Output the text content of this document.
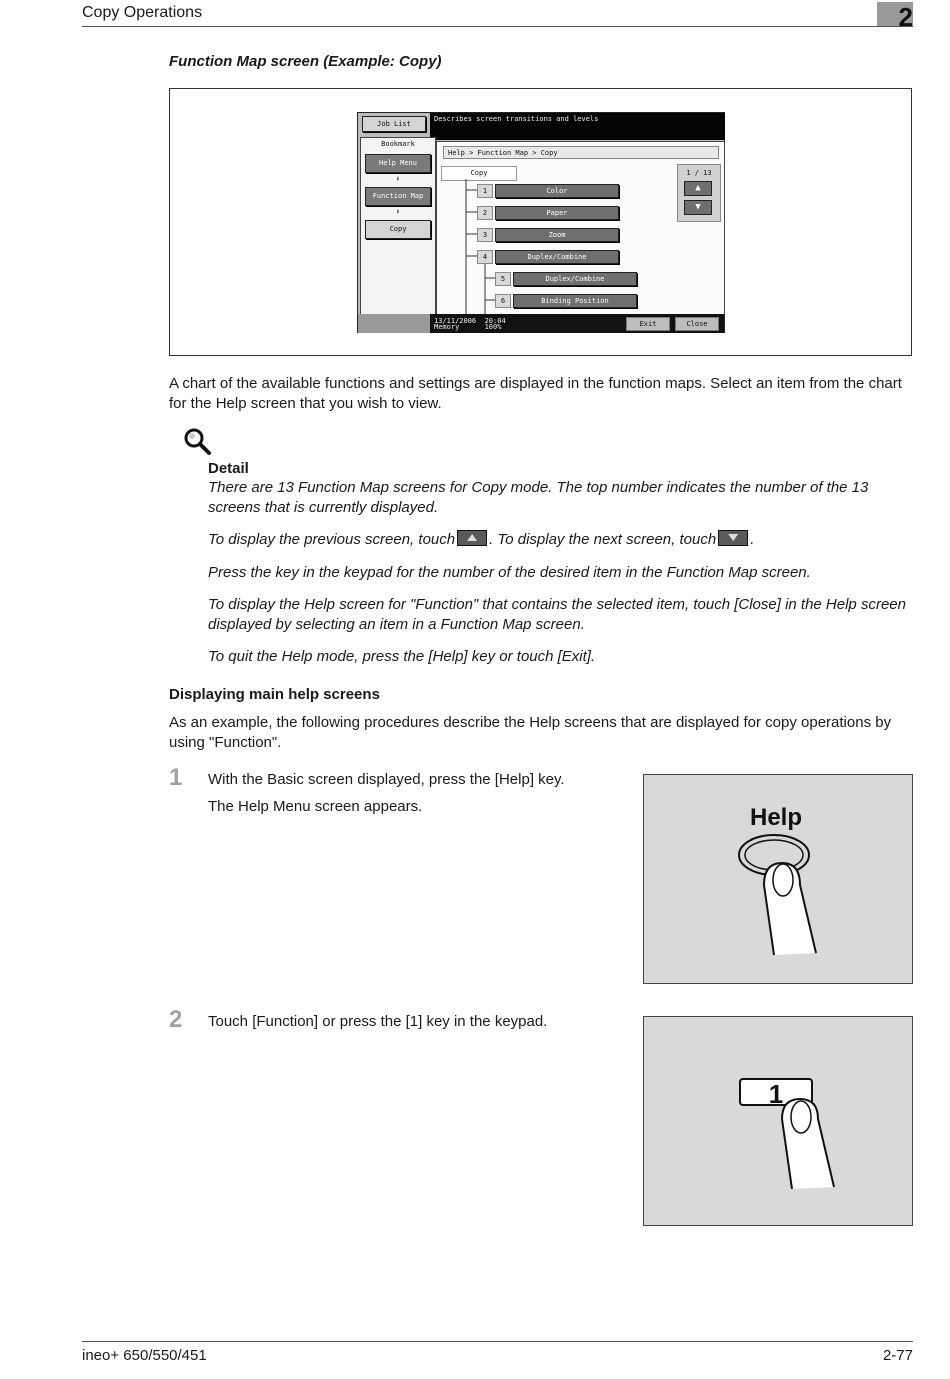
Copy Operations	2
Function Map screen (Example: Copy)
Describes screen transitions and levels
Job List
Bookmark
Help Menu
⬇
Function Map
⬇
Copy
Help > Function Map > Copy
Copy
1	Color
2	Paper
3	Zoom
4	Duplex/Combine
5	Duplex/Combine
6	Binding Position
1 / 13
▲
▼
13/11/2006 20:04
Memory	100%	Exit	Close
A chart of the available functions and settings are displayed in the function maps. Select an item from the chart for the Help screen that you wish to view.
Detail
There are 13 Function Map screens for Copy mode. The top number indicates the number of the 13 screens that is currently displayed.
To display the previous screen, touch . To display the next screen, touch .
Press the key in the keypad for the number of the desired item in the Function Map screen.
To display the Help screen for "Function" that contains the selected item, touch [Close] in the Help screen displayed by selecting an item in a Function Map screen.
To quit the Help mode, press the [Help] key or touch [Exit].
Displaying main help screens
As an example, the following procedures describe the Help screens that are displayed for copy operations by using "Function".
1 With the Basic screen displayed, press the [Help] key.
The Help Menu screen appears.	Help
2 Touch [Function] or press the [1] key in the keypad.
1
ineo+ 650/550/451	2-77
